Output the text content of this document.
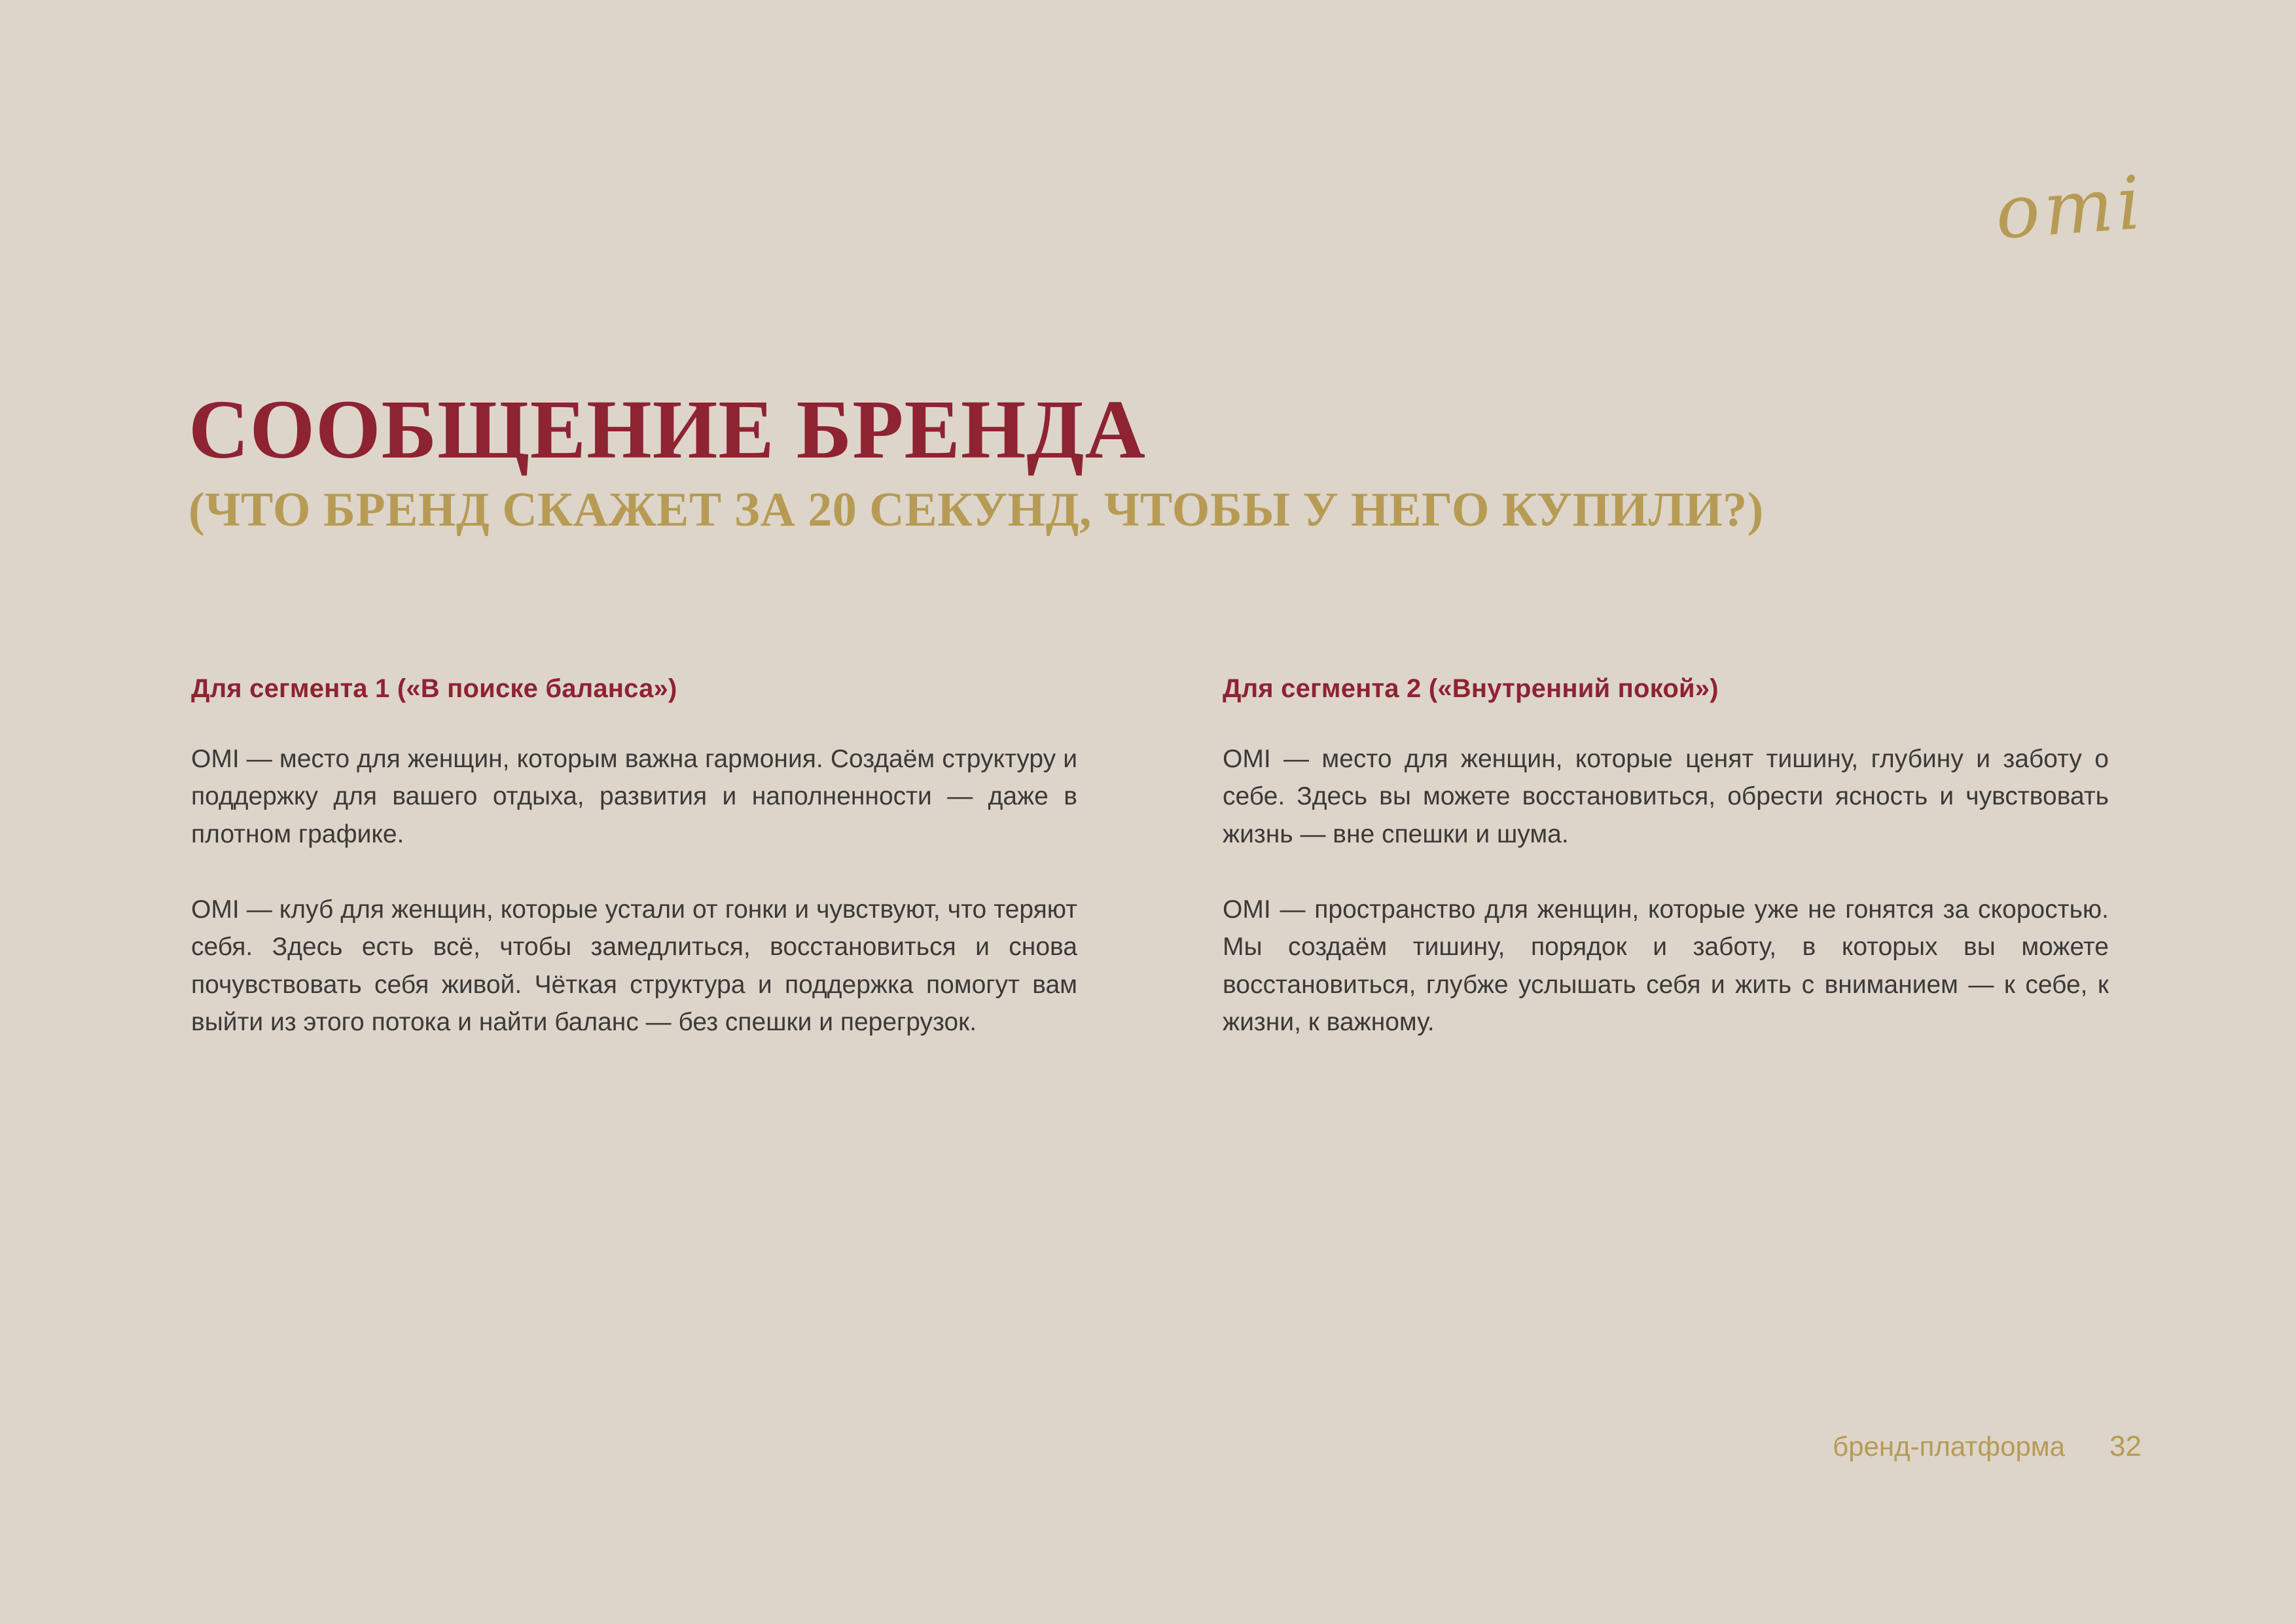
omi
СООБЩЕНИЕ БРЕНДА
(ЧТО БРЕНД СКАЖЕТ ЗА 20 СЕКУНД, ЧТОБЫ У НЕГО КУПИЛИ?)
Для сегмента 1 («В поиске баланса»)

OMI — место для женщин, которым важна гармония. Создаём структуру и поддержку для вашего отдыха, развития и наполненности — даже в плотном графике.

OMI — клуб для женщин, которые устали от гонки и чувствуют, что теряют себя. Здесь есть всё, чтобы замедлиться, восстановиться и снова почувствовать себя живой. Чёткая структура и поддержка помогут вам выйти из этого потока и найти баланс — без спешки и перегрузок.

Для сегмента 2 («Внутренний покой»)

OMI — место для женщин, которые ценят тишину, глубину и заботу о себе. Здесь вы можете восстановиться, обрести ясность и чувствовать жизнь — вне спешки и шума.

OMI — пространство для женщин, которые уже не гонятся за скоростью. Мы создаём тишину, порядок и заботу, в которых вы можете восстановиться, глубже услышать себя и жить с вниманием — к себе, к жизни, к важному.

бренд-платформа 32
